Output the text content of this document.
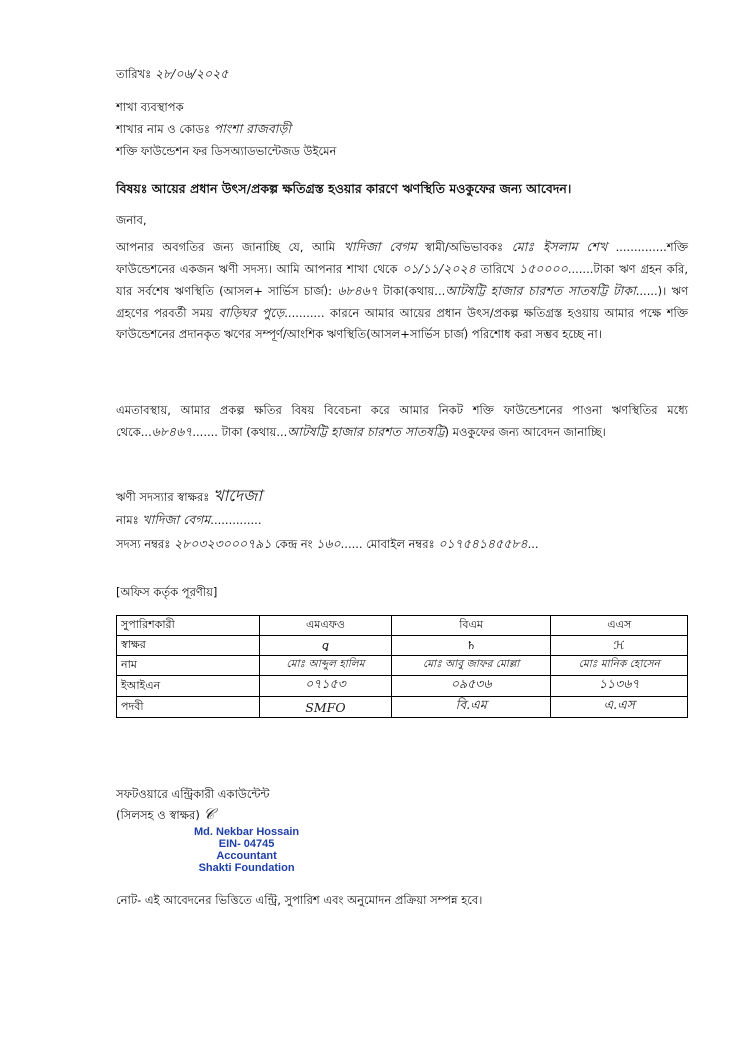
তারিখঃ ২৮/০৬/২০২৫
শাখা ব্যবস্থাপক
শাখার নাম ও কোডঃ পাংশা রাজবাড়ী
শক্তি ফাউন্ডেশন ফর ডিসঅ্যাডভান্টেজড উইমেন
বিষয়ঃ আয়ের প্রধান উৎস/প্রকল্প ক্ষতিগ্রস্ত হওয়ার কারণে ঋণস্থিতি মওকুফের জন্য আবেদন।
জনাব,
আপনার অবগতির জন্য জানাচ্ছি যে, আমি খাদিজা বেগম স্বামী/অভিভাবকঃ মোঃ ইসলাম শেখ ..............শক্তি ফাউন্ডেশনের একজন ঋণী সদস্য। আমি আপনার শাখা থেকে ০১/১১/২০২৪ তারিখে ১৫০০০০.......টাকা ঋণ গ্রহন করি, যার সর্বশেষ ঋণস্থিতি (আসল+ সার্ভিস চার্জ): ৬৮৪৬৭ টাকা(কথায়...আটষট্টি হাজার চারশত সাতষট্টি টাকা......)। ঋণ গ্রহণের পরবর্তী সময় বাড়িঘর পুড়ে........... কারনে আমার আয়ের প্রধান উৎস/প্রকল্প ক্ষতিগ্রস্ত হওয়ায় আমার পক্ষে শক্তি ফাউন্ডেশনের প্রদানকৃত ঋণের সম্পূর্ণ/আংশিক ঋণস্থিতি(আসল+সার্ভিস চার্জ) পরিশোধ করা সম্ভব হচ্ছে না।
এমতাবস্থায়, আমার প্রকল্প ক্ষতির বিষয় বিবেচনা করে আমার নিকট শক্তি ফাউন্ডেশনের পাওনা ঋণস্থিতির মধ্যে থেকে...৬৮৪৬৭....... টাকা (কথায়...আটষট্টি হাজার চারশত সাতষট্টি) মওকুফের জন্য আবেদন জানাচ্ছি।
ঋণী সদস্যার স্বাক্ষরঃ খাদেজা
নামঃ খাদিজা বেগম..............
সদস্য নম্বরঃ ২৮০৩২৩০০০৭৯১ কেন্দ্র নং ১৬০...... মোবাইল নম্বরঃ ০১৭৫৪১৪৫৫৮৪...
[অফিস কর্তৃক পূরণীয়]
সুপারিশকারী	এমএফও	বিএম	এএস
স্বাক্ষর	ꝗ	♄	ℋ
নাম	মোঃ আব্দুল হালিম	মোঃ আবু জাফর মোল্লা	মোঃ মানিক হোসেন
ইআইএন	০৭১৫৩	০৯৫৩৬	১১৩৬৭
পদবী	SMFO	বি.এম	এ.এস
সফটওয়ারে এন্ট্রিকারী একাউন্টেন্ট
(সিলসহ ও স্বাক্ষর) 𝒞
Md. Nekbar Hossain
EIN- 04745
Accountant
Shakti Foundation
নোট- এই আবেদনের ভিত্তিতে এন্ট্রি, সুপারিশ এবং অনুমোদন প্রক্রিয়া সম্পন্ন হবে।
